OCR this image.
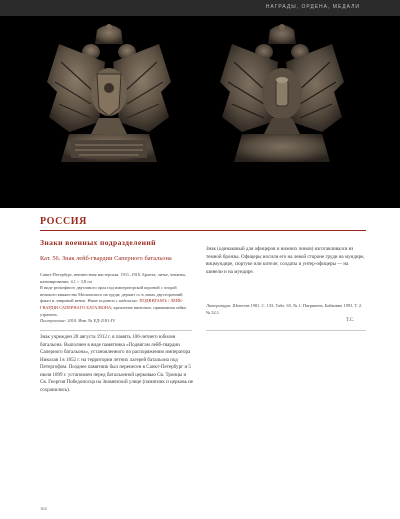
НАГРАДЫ, ОРДЕНА, МЕДАЛИ
РОССИЯ
Знаки военных подразделений
Кат. 56. Знак лейб-гвардии Саперного батальона
Санкт-Петербург, неизвестная мастерская. 1911–1916. Бронза; литье, чеканка, патинирование; 4,1 × 3,8 см
В виде рельефного двуглавого орла под императорской короной с эгидой великого княжества Московского на груди; держит со в лапах двусторонний факел и лавровый венок. Ниже подписи с надписью: ПОДВИГАМЪ / ЛЕЙБ-ГВАРДІИ САПЕРНАГО БАТАЛЮНА; крепление винтовое, прижимная гайка утрачена.
Поступление: 2010. Инв. № ЕД-2181-IV
Знак учрежден 28 августа 1912 г. в память 100-летнего юбилея батальона. Выполнен в виде памятника «Подвигам лейб-гвардии Саперного батальона», установленного по распоряжению императора Николая I в 1852 г. на территории летних лагерей батальона под Петергофом. Позднее памятник был перенесен в Санкт-Петербург и 5 июля 1899 г. установлен перед батальонной церковью Св. Троицы и Св. Георгия Победоносца на Знаменской улице (памятник и церковь не сохранились).
Знак (одинаковый для офицеров и нижних чинов) изготавливался из темной бронзы. Офицеры носили его на левой стороне груди на мундире, вицмундире, сюртуке или кителе; солдаты и унтер-офицеры — на шинели и на мундире.
Литература: Шепелев 1981. С. 133, Табл. 65, № 1; Патрикеев, Бойкович 1993. Т. 2. № 32.1.
Т.С.
162
